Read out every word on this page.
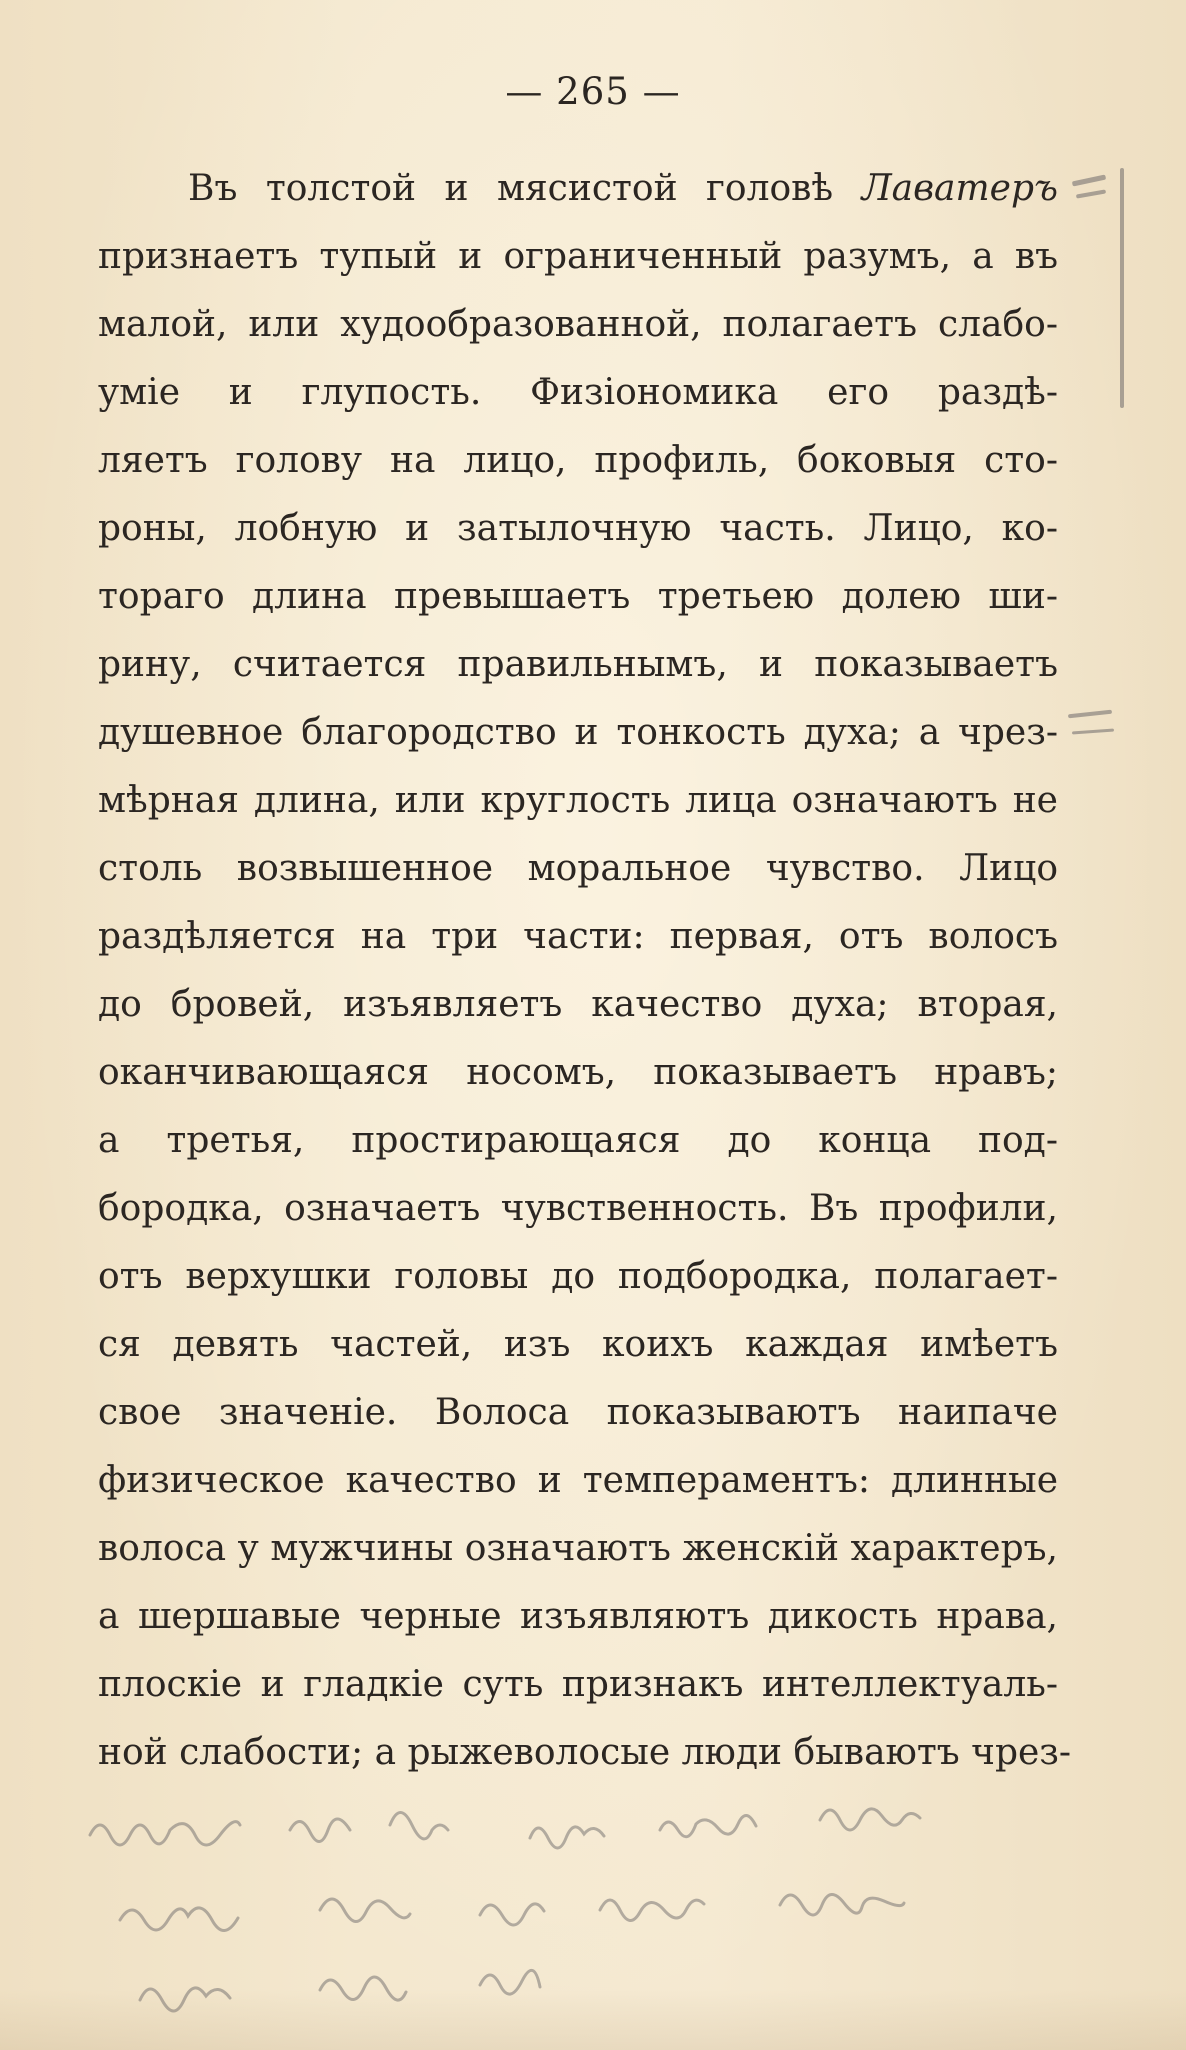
— 265 —
Въ толстой и мясистой головѣ Лаватеръ
признаетъ тупый и ограниченный разумъ, а въ
малой, или худообразованной, полагаетъ слабо-
уміе и глупость. Физіономика его раздѣ-
ляетъ голову на лицо, профиль, боковыя сто-
роны, лобную и затылочную часть. Лицо, ко-
тораго длина превышаетъ третьею долею ши-
рину, считается правильнымъ, и показываетъ
душевное благородство и тонкость духа; а чрез-
мѣрная длина, или круглость лица означаютъ не
столь возвышенное моральное чувство. Лицо
раздѣляется на три части: первая, отъ волосъ
до бровей, изъявляетъ качество духа; вторая,
оканчивающаяся носомъ, показываетъ нравъ;
а третья, простирающаяся до конца под-
бородка, означаетъ чувственность. Въ профили,
отъ верхушки головы до подбородка, полагает-
ся девять частей, изъ коихъ каждая имѣетъ
свое значеніе. Волоса показываютъ наипаче
физическое качество и темпераментъ: длинные
волоса у мужчины означаютъ женскій характеръ,
а шершавые черные изъявляютъ дикость нрава,
плоскіе и гладкіе суть признакъ интеллектуаль-
ной слабости; а рыжеволосые люди бываютъ чрез-
